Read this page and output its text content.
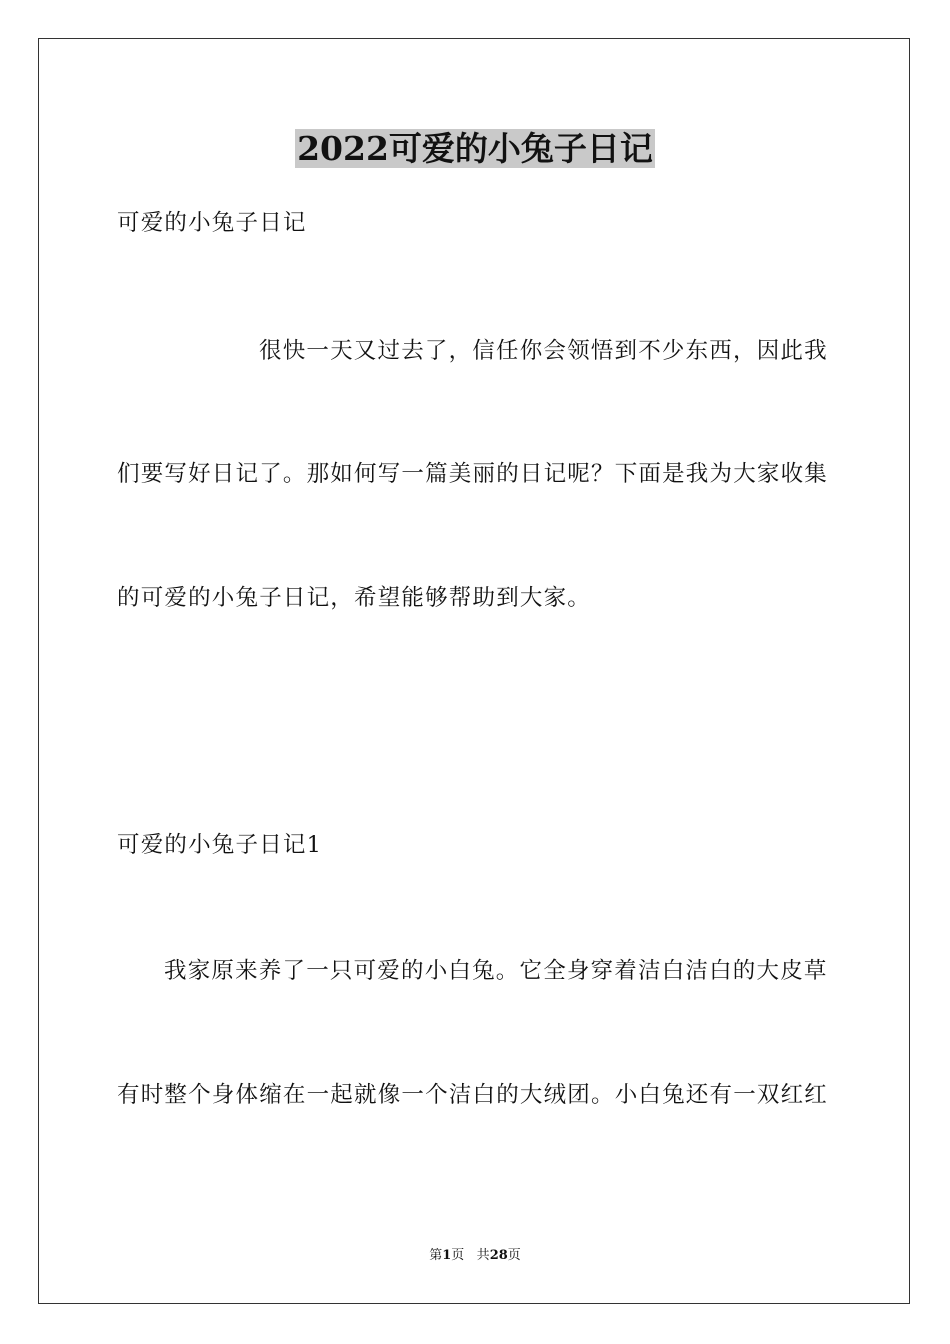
2022可爱的小兔子日记
可爱的小兔子日记
很快一天又过去了，信任你会领悟到不少东西，因此我
们要写好日记了。那如何写一篇美丽的日记呢？下面是我为大家收集
的可爱的小兔子日记，希望能够帮助到大家。
可爱的小兔子日记1
我家原来养了一只可爱的小白兔。它全身穿着洁白洁白的大皮草
有时整个身体缩在一起就像一个洁白的大绒团。小白兔还有一双红红
第1页 共28页
